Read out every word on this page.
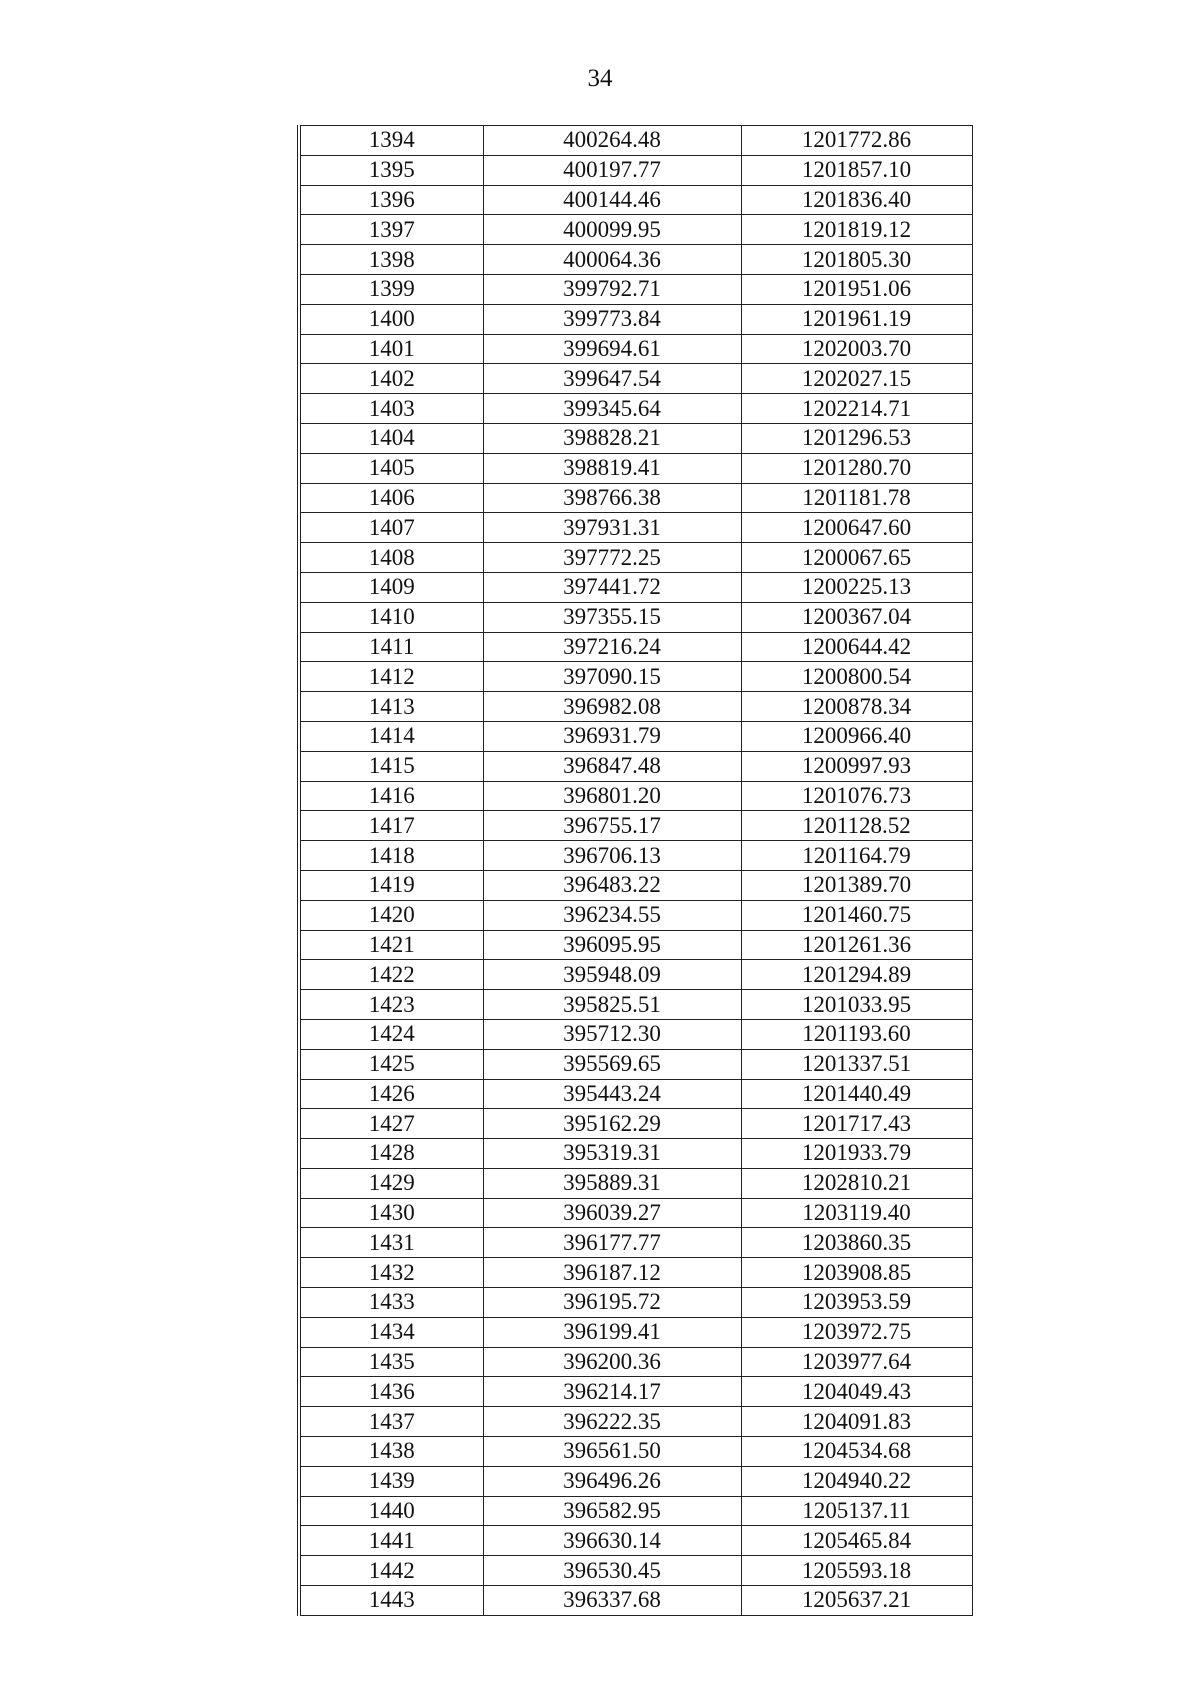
34
1394	400264.48	1201772.86
1395	400197.77	1201857.10
1396	400144.46	1201836.40
1397	400099.95	1201819.12
1398	400064.36	1201805.30
1399	399792.71	1201951.06
1400	399773.84	1201961.19
1401	399694.61	1202003.70
1402	399647.54	1202027.15
1403	399345.64	1202214.71
1404	398828.21	1201296.53
1405	398819.41	1201280.70
1406	398766.38	1201181.78
1407	397931.31	1200647.60
1408	397772.25	1200067.65
1409	397441.72	1200225.13
1410	397355.15	1200367.04
1411	397216.24	1200644.42
1412	397090.15	1200800.54
1413	396982.08	1200878.34
1414	396931.79	1200966.40
1415	396847.48	1200997.93
1416	396801.20	1201076.73
1417	396755.17	1201128.52
1418	396706.13	1201164.79
1419	396483.22	1201389.70
1420	396234.55	1201460.75
1421	396095.95	1201261.36
1422	395948.09	1201294.89
1423	395825.51	1201033.95
1424	395712.30	1201193.60
1425	395569.65	1201337.51
1426	395443.24	1201440.49
1427	395162.29	1201717.43
1428	395319.31	1201933.79
1429	395889.31	1202810.21
1430	396039.27	1203119.40
1431	396177.77	1203860.35
1432	396187.12	1203908.85
1433	396195.72	1203953.59
1434	396199.41	1203972.75
1435	396200.36	1203977.64
1436	396214.17	1204049.43
1437	396222.35	1204091.83
1438	396561.50	1204534.68
1439	396496.26	1204940.22
1440	396582.95	1205137.11
1441	396630.14	1205465.84
1442	396530.45	1205593.18
1443	396337.68	1205637.21
